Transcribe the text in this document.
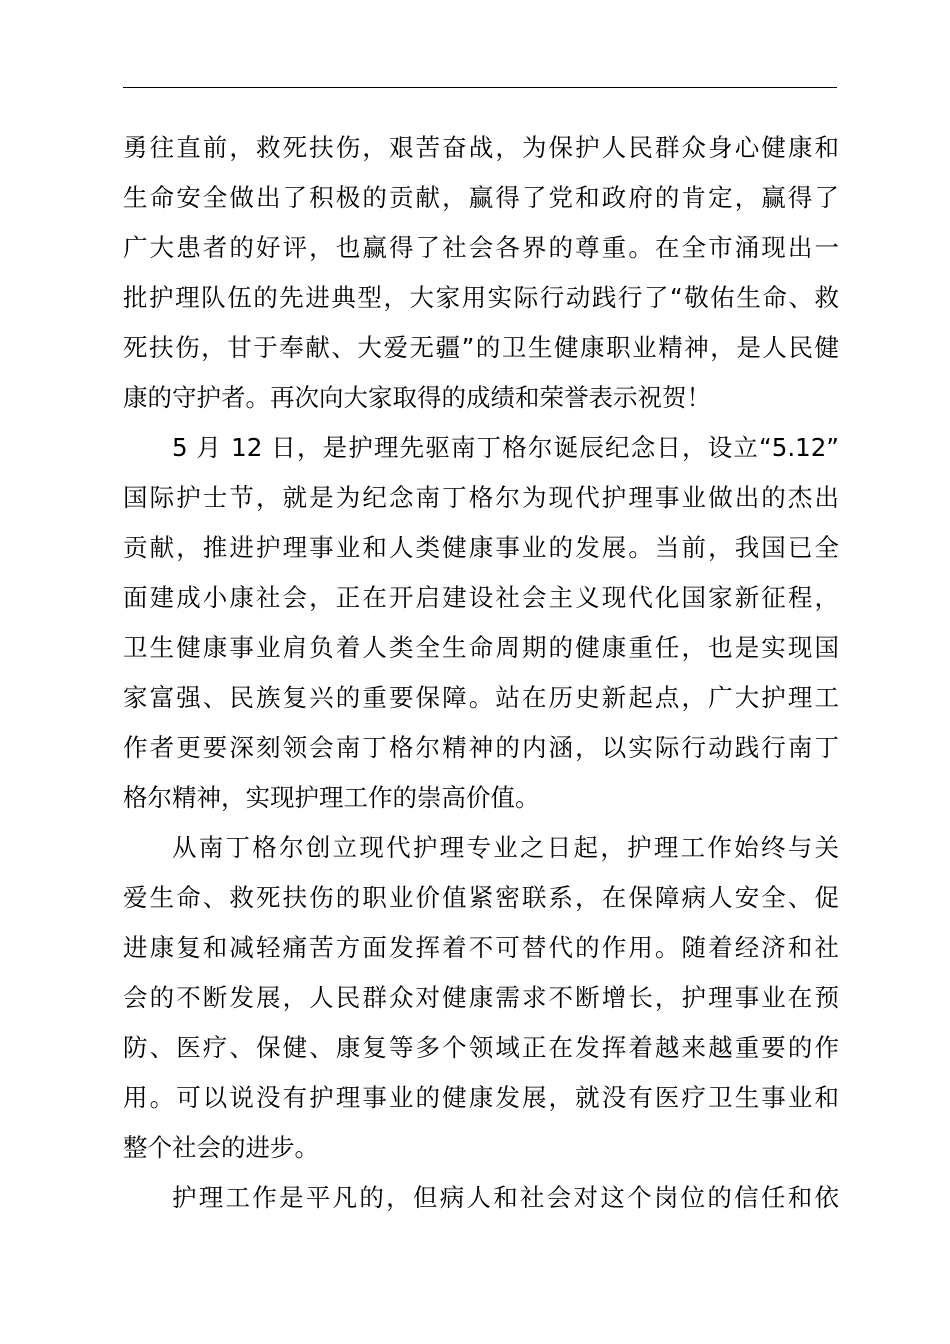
勇往直前，救死扶伤，艰苦奋战，为保护人民群众身心健康和
生命安全做出了积极的贡献，赢得了党和政府的肯定，赢得了
广大患者的好评，也赢得了社会各界的尊重。在全市涌现出一
批护理队伍的先进典型，大家用实际行动践行了“敬佑生命、救
死扶伤，甘于奉献、大爱无疆”的卫生健康职业精神，是人民健
康的守护者。再次向大家取得的成绩和荣誉表示祝贺！
5 月 12 日，是护理先驱南丁格尔诞辰纪念日，设立“5.12”
国际护士节，就是为纪念南丁格尔为现代护理事业做出的杰出
贡献，推进护理事业和人类健康事业的发展。当前，我国已全
面建成小康社会，正在开启建设社会主义现代化国家新征程，
卫生健康事业肩负着人类全生命周期的健康重任，也是实现国
家富强、民族复兴的重要保障。站在历史新起点，广大护理工
作者更要深刻领会南丁格尔精神的内涵，以实际行动践行南丁
格尔精神，实现护理工作的崇高价值。
从南丁格尔创立现代护理专业之日起，护理工作始终与关
爱生命、救死扶伤的职业价值紧密联系，在保障病人安全、促
进康复和减轻痛苦方面发挥着不可替代的作用。随着经济和社
会的不断发展，人民群众对健康需求不断增长，护理事业在预
防、医疗、保健、康复等多个领域正在发挥着越来越重要的作
用。可以说没有护理事业的健康发展，就没有医疗卫生事业和
整个社会的进步。
护理工作是平凡的，但病人和社会对这个岗位的信任和依
